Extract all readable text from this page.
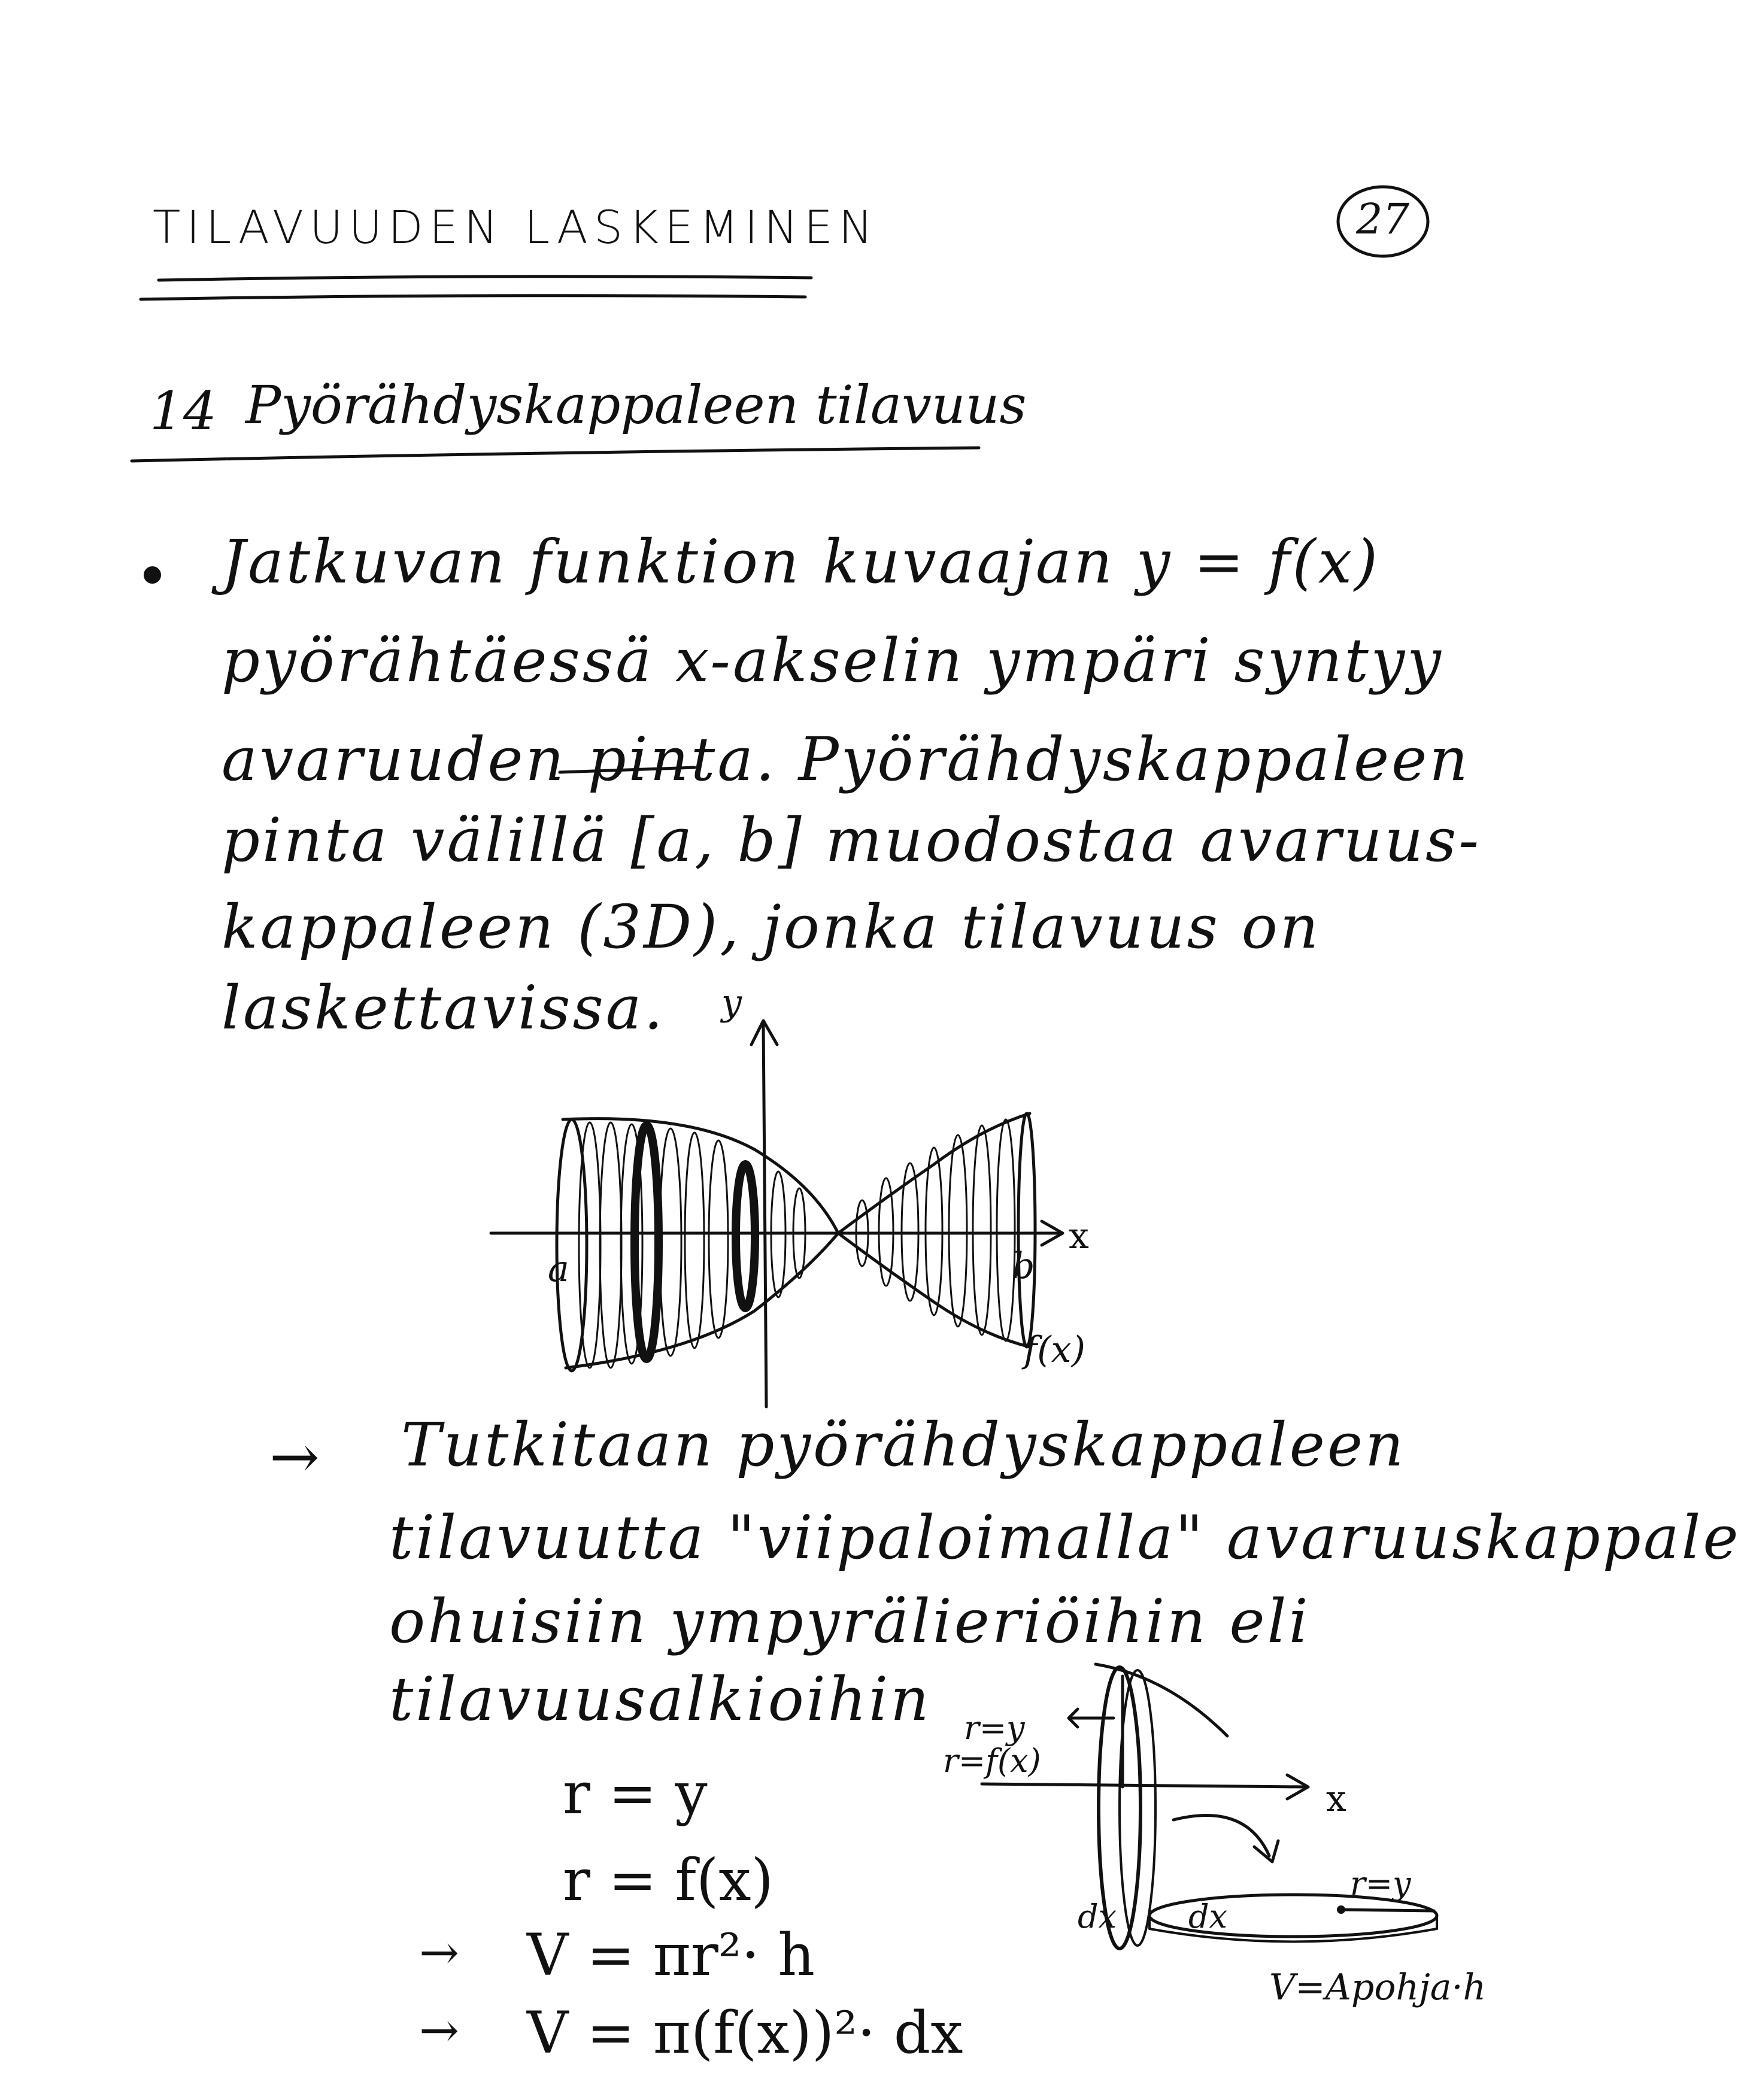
TILAVUUDEN LASKEMINEN	27
14 Pyörähdyskappaleen tilavuus
• Jatkuvan funktion kuvaajan y = f(x)
pyörähtäessä x-akselin ympäri syntyy
avaruuden pinta. Pyörähdyskappaleen
pinta välillä [a, b] muodostaa avaruus-
kappaleen (3D), jonka tilavuus on
laskettavissa. y
x
a	b
f(x)
→ Tutkitaan pyörähdyskappaleen
tilavuutta "viipaloimalla" avaruuskappale
ohuisiin ympyrälieriöihin eli
tilavuusalkioihin
r = y
r = f(x)
→ V = πr²· h
→ V = π(f(x))²· dx
r=y
r=f(x)
x
dx dx
r=y
V=Apohja·h
